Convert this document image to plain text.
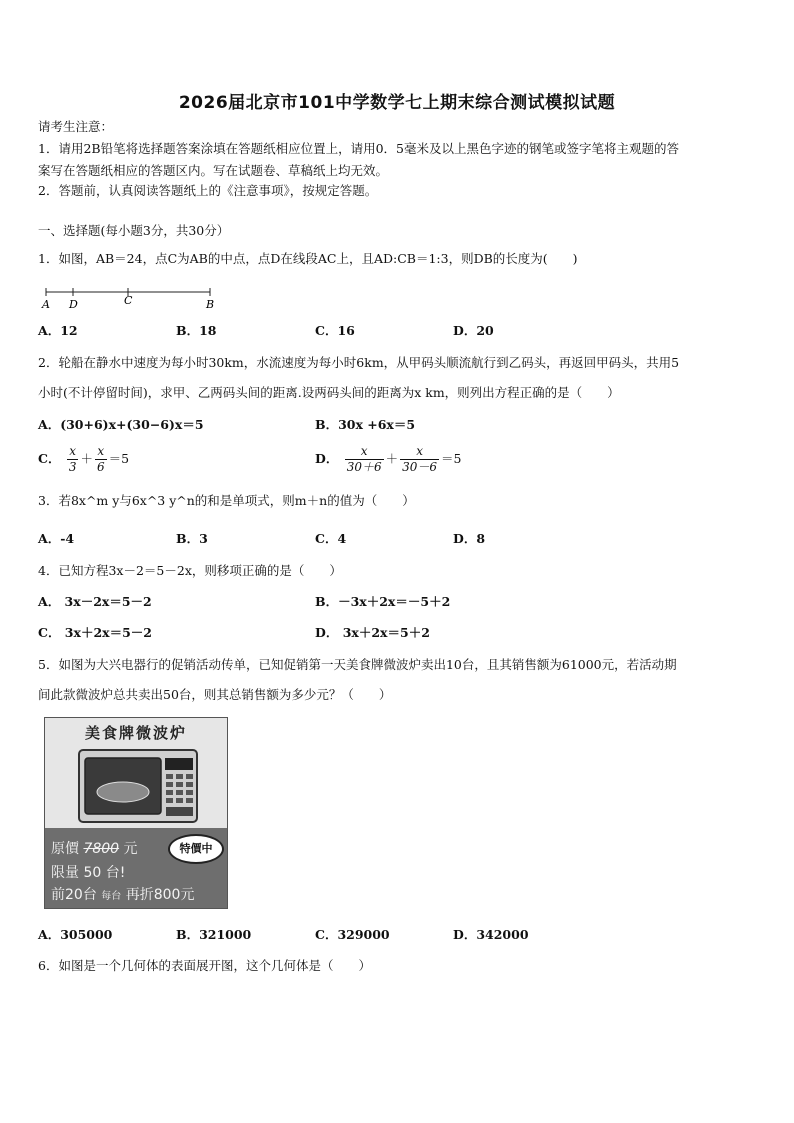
2026届北京市101中学数学七上期末综合测试模拟试题
请考生注意：
1．请用2B铅笔将选择题答案涂填在答题纸相应位置上，请用0．5毫米及以上黑色字迹的钢笔或签字笔将主观题的答
案写在答题纸相应的答题区内。写在试题卷、草稿纸上均无效。
2．答题前，认真阅读答题纸上的《注意事项》，按规定答题。
一、选择题(每小题3分，共30分）
1．如图，AB＝24，点C为AB的中点，点D在线段AC上，且AD:CB＝1:3，则DB的长度为(　　)
A D	C	B
A．12	B．18	C．16	D．20
2．轮船在静水中速度为每小时30km，水流速度为每小时6km，从甲码头顺流航行到乙码头，再返回甲码头，共用5
小时(不计停留时间)，求甲、乙两码头间的距离.设两码头间的距离为x km，则列出方程正确的是（　　）
A．(30+6)x+(30−6)x＝5	B．30x +6x＝5
C． $\frac{x}{3} + \frac{x}{6} =5$	D． $\frac{x}{30+6} + \frac{x}{30-6} =5$
3．若8x^m y与6x^3 y^n的和是单项式，则m＋n的值为（　　）
A．-4	B．3	C．4	D．8
4．已知方程3x－2＝5－2x，则移项正确的是（　　）
A． 3x－2x＝5－2	B．－3x＋2x＝－5＋2
C． 3x＋2x＝5－2	D． 3x＋2x＝5＋2
5．如图为大兴电器行的促销活动传单，已知促销第一天美食牌微波炉卖出10台，且其销售额为61000元，若活动期
间此款微波炉总共卖出50台，则其总销售额为多少元？（　　）
美食牌微波炉
原價 7800 元	特價中
限量 50 台!
前20台 每台 再折800元
A．305000	B．321000	C．329000	D．342000
6．如图是一个几何体的表面展开图，这个几何体是（　　）
